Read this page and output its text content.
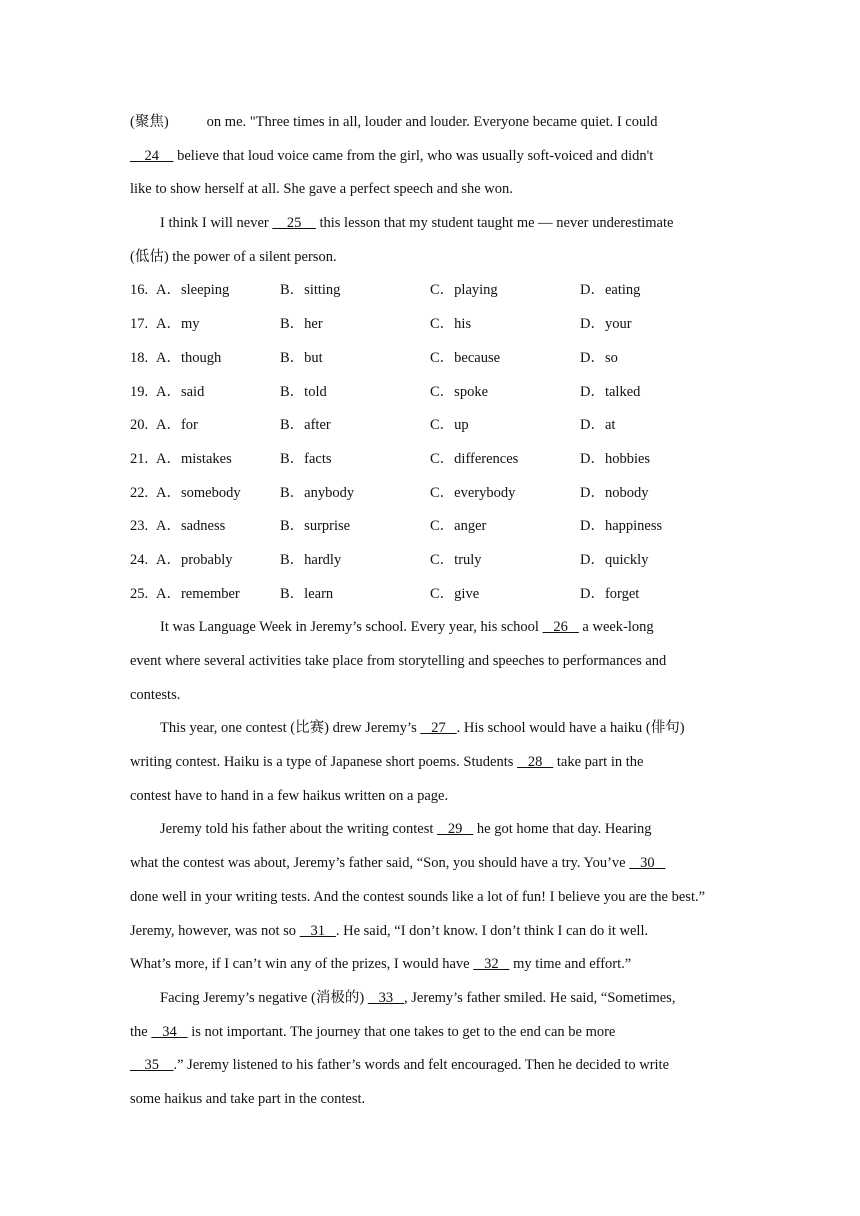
(聚焦)	on me. "Three times in all, louder and louder. Everyone became quiet. I could
24     believe that loud voice came from the girl, who was usually soft-voiced and didn't
like to show herself at all. She gave a perfect speech and she won.
I think I will never     25     this lesson that my student taught me — never underestimate
(低估) the power of a silent person.
16. A．sleeping	B．sitting	C．playing	D．eating
17. A．my	B．her	C．his	D．your
18. A．though	B．but	C．because	D．so
19. A．said	B．told	C．spoke	D．talked
20. A．for	B．after	C．up	D．at
21. A．mistakes	B．facts	C．differences	D．hobbies
22. A．somebody	B．anybody	C．everybody	D．nobody
23. A．sadness	B．surprise	C．anger	D．happiness
24. A．probably	B．hardly	C．truly	D．quickly
25. A．remember	B．learn	C．give	D．forget
It was Language Week in Jeremy’s school. Every year, his school    26    a week-long
event where several activities take place from storytelling and speeches to performances and
contests.
This year, one contest (比赛) drew Jeremy’s    27   . His school would have a haiku (俳句)
writing contest. Haiku is a type of Japanese short poems. Students    28    take part in the
contest have to hand in a few haikus written on a page.
Jeremy told his father about the writing contest    29    he got home that day. Hearing
what the contest was about, Jeremy’s father said, “Son, you should have a try. You’ve    30
done well in your writing tests. And the contest sounds like a lot of fun! I believe you are the best.”
Jeremy, however, was not so    31   . He said, “I don’t know. I don’t think I can do it well.
What’s more, if I can’t win any of the prizes, I would have    32    my time and effort.”
Facing Jeremy’s negative (消极的)    33   , Jeremy’s father smiled. He said, “Sometimes,
the    34    is not important. The journey that one takes to get to the end can be more
35    .” Jeremy listened to his father’s words and felt encouraged. Then he decided to write
some haikus and take part in the contest.
